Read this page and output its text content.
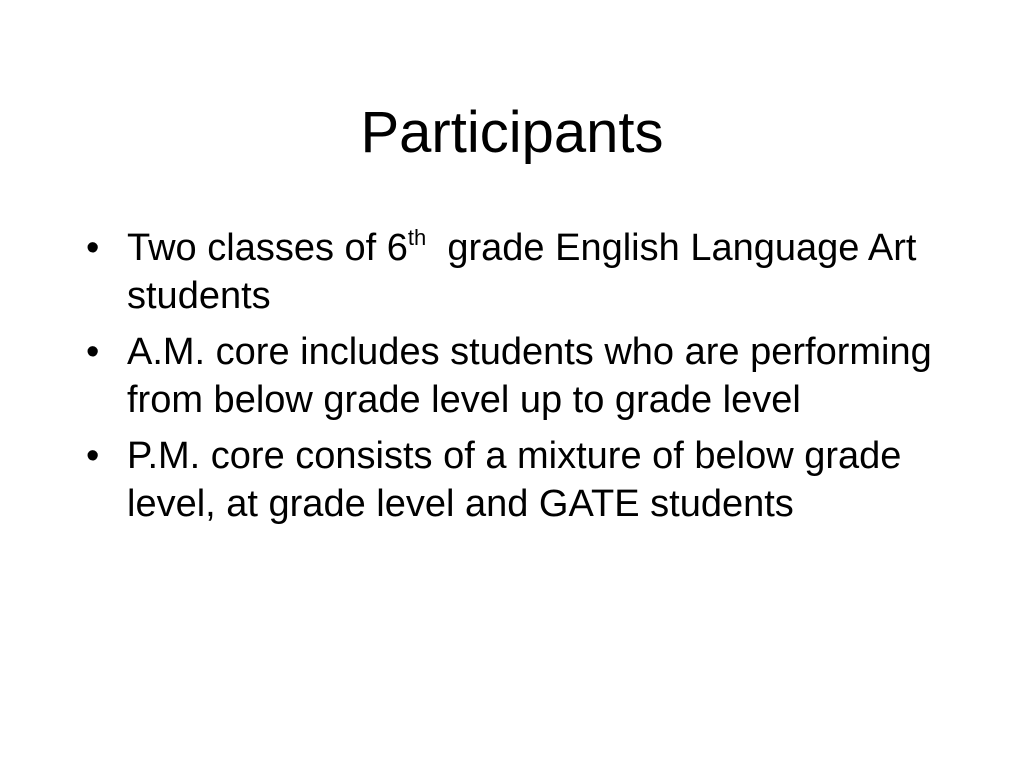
Participants
• Two classes of 6th  grade English Language Art  students
• A.M. core includes students who are performing from below grade level up to grade level
• P.M. core consists of a mixture of below grade level, at grade level and GATE students
